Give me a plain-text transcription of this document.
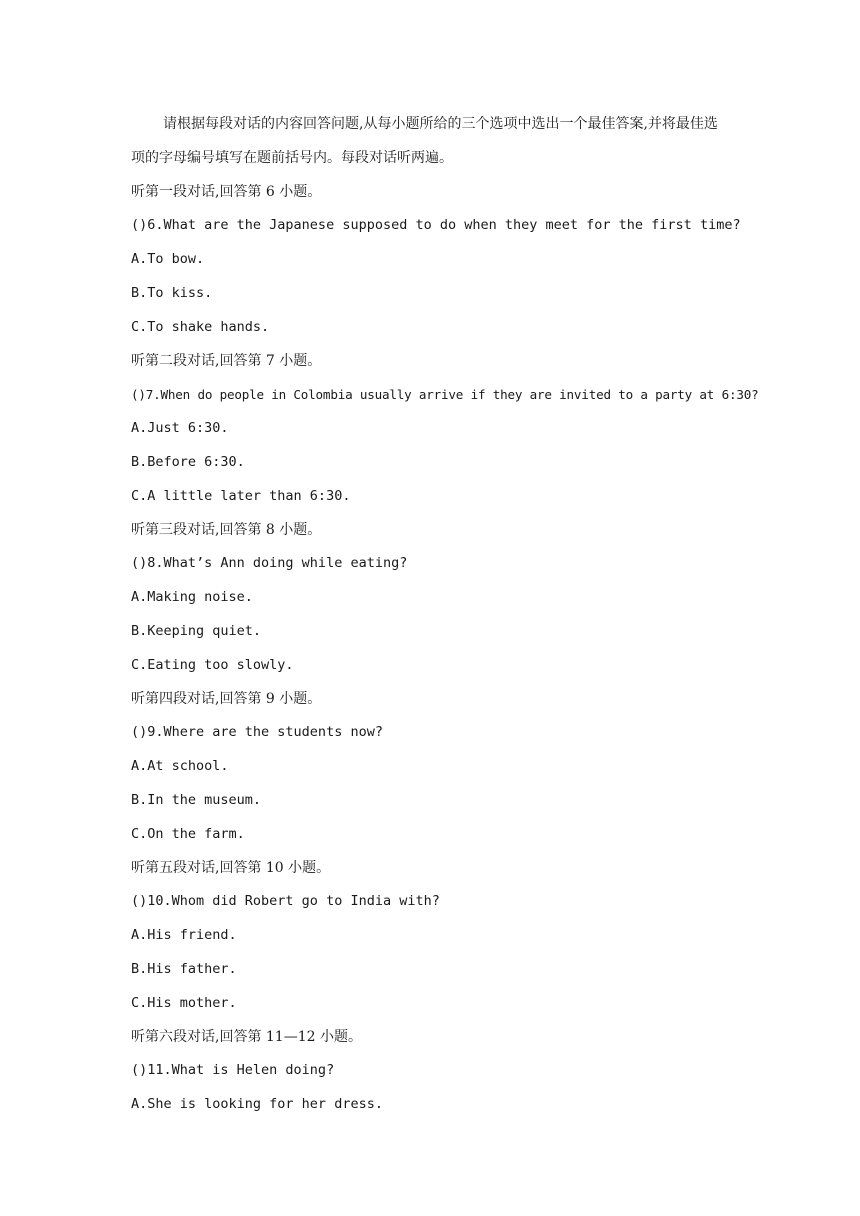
请根据每段对话的内容回答问题,从每小题所给的三个选项中选出一个最佳答案,并将最佳选项的字母编号填写在题前括号内。每段对话听两遍。
听第一段对话,回答第 6 小题。
()6.What are the Japanese supposed to do when they meet for the first time?
A.To bow.
B.To kiss.
C.To shake hands.
听第二段对话,回答第 7 小题。
()7.When do people in Colombia usually arrive if they are invited to a party at 6:30?
A.Just 6:30.
B.Before 6:30.
C.A little later than 6:30.
听第三段对话,回答第 8 小题。
()8.What’s Ann doing while eating?
A.Making noise.
B.Keeping quiet.
C.Eating too slowly.
听第四段对话,回答第 9 小题。
()9.Where are the students now?
A.At school.
B.In the museum.
C.On the farm.
听第五段对话,回答第 10 小题。
()10.Whom did Robert go to India with?
A.His friend.
B.His father.
C.His mother.
听第六段对话,回答第 11—12 小题。
()11.What is Helen doing?
A.She is looking for her dress.
